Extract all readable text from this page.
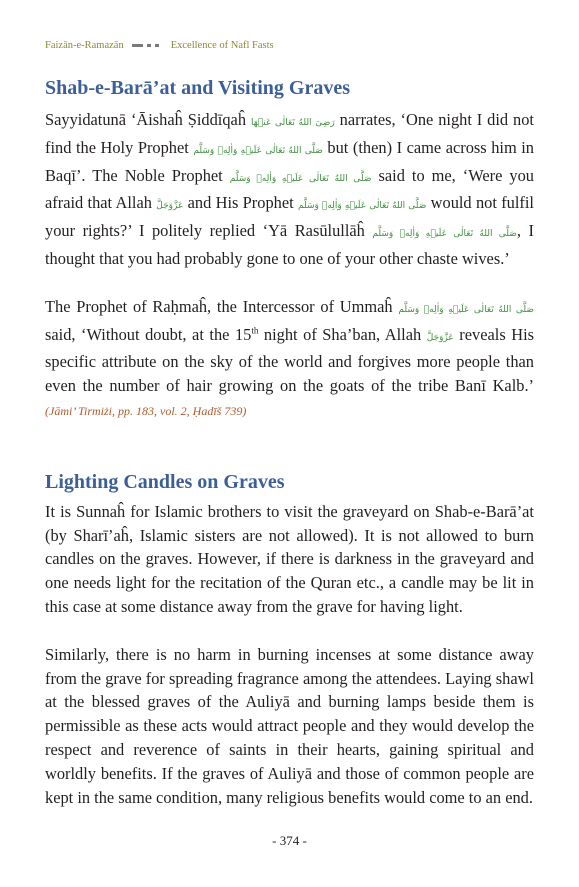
Faizān-e-Ramazān	Excellence of Nafl Fasts
Shab-e-Barā’at and Visiting Graves

Sayyidatunā ‘Āishaĥ Ṣiddīqaĥ رَضِىَ اللهُ تَعَالٰى عَنۡهَا narrates, ‘One night I did not find the Holy Prophet صَلَّى اللهُ تَعَالٰى عَلَيۡهِ وَاٰلِهٖ وَسَلَّم but (then) I came across him in Baqī’. The Noble Prophet صَلَّى اللهُ تَعَالٰى عَلَيۡهِ وَاٰلِهٖ وَسَلَّم said to me, ‘Were you afraid that Allah عَزَّوَجَلَّ and His Prophet صَلَّى اللهُ تَعَالٰى عَلَيۡهِ وَاٰلِهٖ وَسَلَّم would not fulfil your rights?’ I politely replied ‘Yā Rasūlullāĥ صَلَّى اللهُ تَعَالٰى عَلَيۡهِ وَاٰلِهٖ وَسَلَّم, I thought that you had probably gone to one of your other chaste wives.’

The Prophet of Raḥmaĥ, the Intercessor of Ummaĥ صَلَّى اللهُ تَعَالٰى عَلَيۡهِ وَاٰلِهٖ وَسَلَّم said, ‘Without doubt, at the 15th night of Sha’ban, Allah عَزَّوَجَلَّ reveals His specific attribute on the sky of the world and forgives more people than even the number of hair growing on the goats of the tribe Banī Kalb.’ (Jāmi’ Tirmiżi, pp. 183, vol. 2, Ḥadīš 739)

Lighting Candles on Graves

It is Sunnaĥ for Islamic brothers to visit the graveyard on Shab-e-Barā’at (by Sharī’aĥ, Islamic sisters are not allowed). It is not allowed to burn candles on the graves. However, if there is darkness in the graveyard and one needs light for the recitation of the Quran etc., a candle may be lit in this case at some distance away from the grave for having light.

Similarly, there is no harm in burning incenses at some distance away from the grave for spreading fragrance among the attendees. Laying shawl at the blessed graves of the Auliyā and burning lamps beside them is permissible as these acts would attract people and they would develop the respect and reverence of saints in their hearts, gaining spiritual and worldly benefits. If the graves of Auliyā and those of common people are kept in the same condition, many religious benefits would come to an end.

- 374 -
